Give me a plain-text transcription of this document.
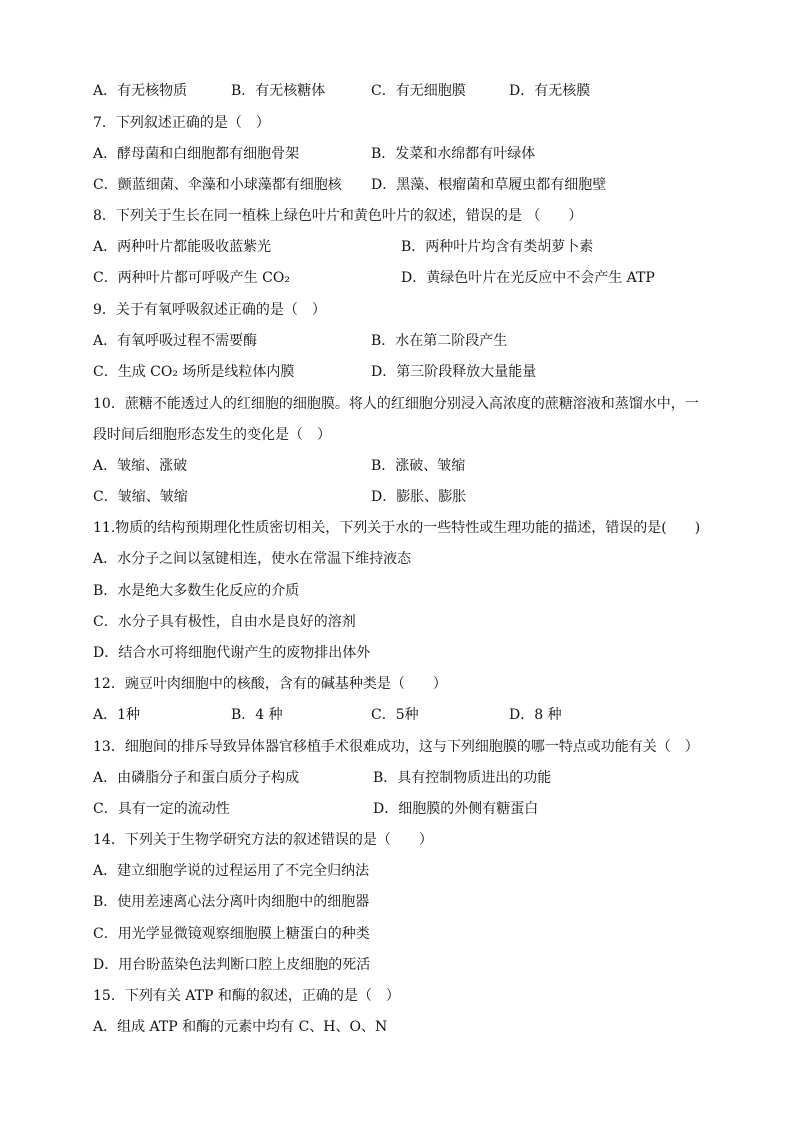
A．有无核物质	B．有无核糖体	C．有无细胞膜	D．有无核膜
7．下列叙述正确的是（　）
A．酵母菌和白细胞都有细胞骨架	B．发菜和水绵都有叶绿体
C．颤蓝细菌、伞藻和小球藻都有细胞核 D．黑藻、根瘤菌和草履虫都有细胞壁
8．下列关于生长在同一植株上绿色叶片和黄色叶片的叙述，错误的是 （　　）
A．两种叶片都能吸收蓝紫光	B．两种叶片均含有类胡萝卜素
C．两种叶片都可呼吸产生 CO₂	D．黄绿色叶片在光反应中不会产生 ATP
9．关于有氧呼吸叙述正确的是（　）
A．有氧呼吸过程不需要酶	B．水在第二阶段产生
C．生成 CO₂ 场所是线粒体内膜	D．第三阶段释放大量能量
10．蔗糖不能透过人的红细胞的细胞膜。将人的红细胞分别浸入高浓度的蔗糖溶液和蒸馏水中，一
段时间后细胞形态发生的变化是（　）
A．皱缩、涨破	B．涨破、皱缩
C．皱缩、皱缩	D．膨胀、膨胀
11.物质的结构预期理化性质密切相关，下列关于水的一些特性或生理功能的描述，错误的是(　　)
A．水分子之间以氢键相连，使水在常温下维持液态
B．水是绝大多数生化反应的介质
C．水分子具有极性，自由水是良好的溶剂
D．结合水可将细胞代谢产生的废物排出体外
12．豌豆叶肉细胞中的核酸，含有的碱基种类是（　　）
A．1种	B．4 种	C．5种	D．8 种
13．细胞间的排斥导致异体器官移植手术很难成功，这与下列细胞膜的哪一特点或功能有关（　）
A．由磷脂分子和蛋白质分子构成	B．具有控制物质进出的功能
C．具有一定的流动性	D．细胞膜的外侧有糖蛋白
14．下列关于生物学研究方法的叙述错误的是（　　）
A．建立细胞学说的过程运用了不完全归纳法
B．使用差速离心法分离叶肉细胞中的细胞器
C．用光学显微镜观察细胞膜上糖蛋白的种类
D．用台盼蓝染色法判断口腔上皮细胞的死活
15．下列有关 ATP 和酶的叙述，正确的是（　）
A．组成 ATP 和酶的元素中均有 C、H、O、N
